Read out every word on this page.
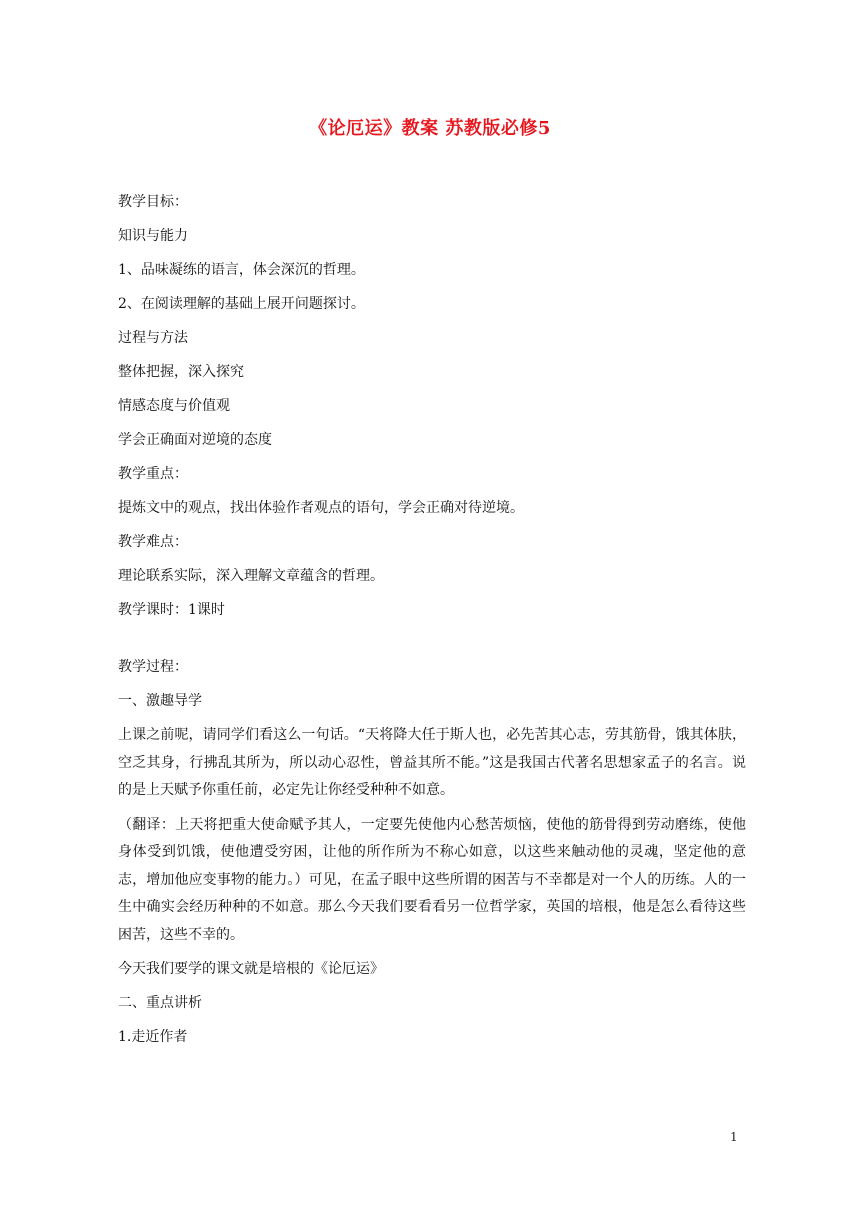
《论厄运》教案 苏教版必修5

教学目标：

知识与能力

1、品味凝练的语言，体会深沉的哲理。

2、在阅读理解的基础上展开问题探讨。

过程与方法

整体把握，深入探究

情感态度与价值观

学会正确面对逆境的态度

教学重点：

提炼文中的观点，找出体验作者观点的语句，学会正确对待逆境。

教学难点：

理论联系实际，深入理解文章蕴含的哲理。

教学课时：1课时

教学过程：

一、激趣导学

上课之前呢，请同学们看这么一句话。“天将降大任于斯人也，必先苦其心志，劳其筋骨，饿其体肤，空乏其身，行拂乱其所为，所以动心忍性，曾益其所不能。”这是我国古代著名思想家孟子的名言。说的是上天赋予你重任前，必定先让你经受种种不如意。

（翻译：上天将把重大使命赋予其人，一定要先使他内心愁苦烦恼，使他的筋骨得到劳动磨练，使他身体受到饥饿，使他遭受穷困，让他的所作所为不称心如意，以这些来触动他的灵魂，坚定他的意志，增加他应变事物的能力。）可见，在孟子眼中这些所谓的困苦与不幸都是对一个人的历练。人的一生中确实会经历种种的不如意。那么今天我们要看看另一位哲学家，英国的培根，他是怎么看待这些困苦，这些不幸的。

今天我们要学的课文就是培根的《论厄运》

二、重点讲析

1.走近作者

1
